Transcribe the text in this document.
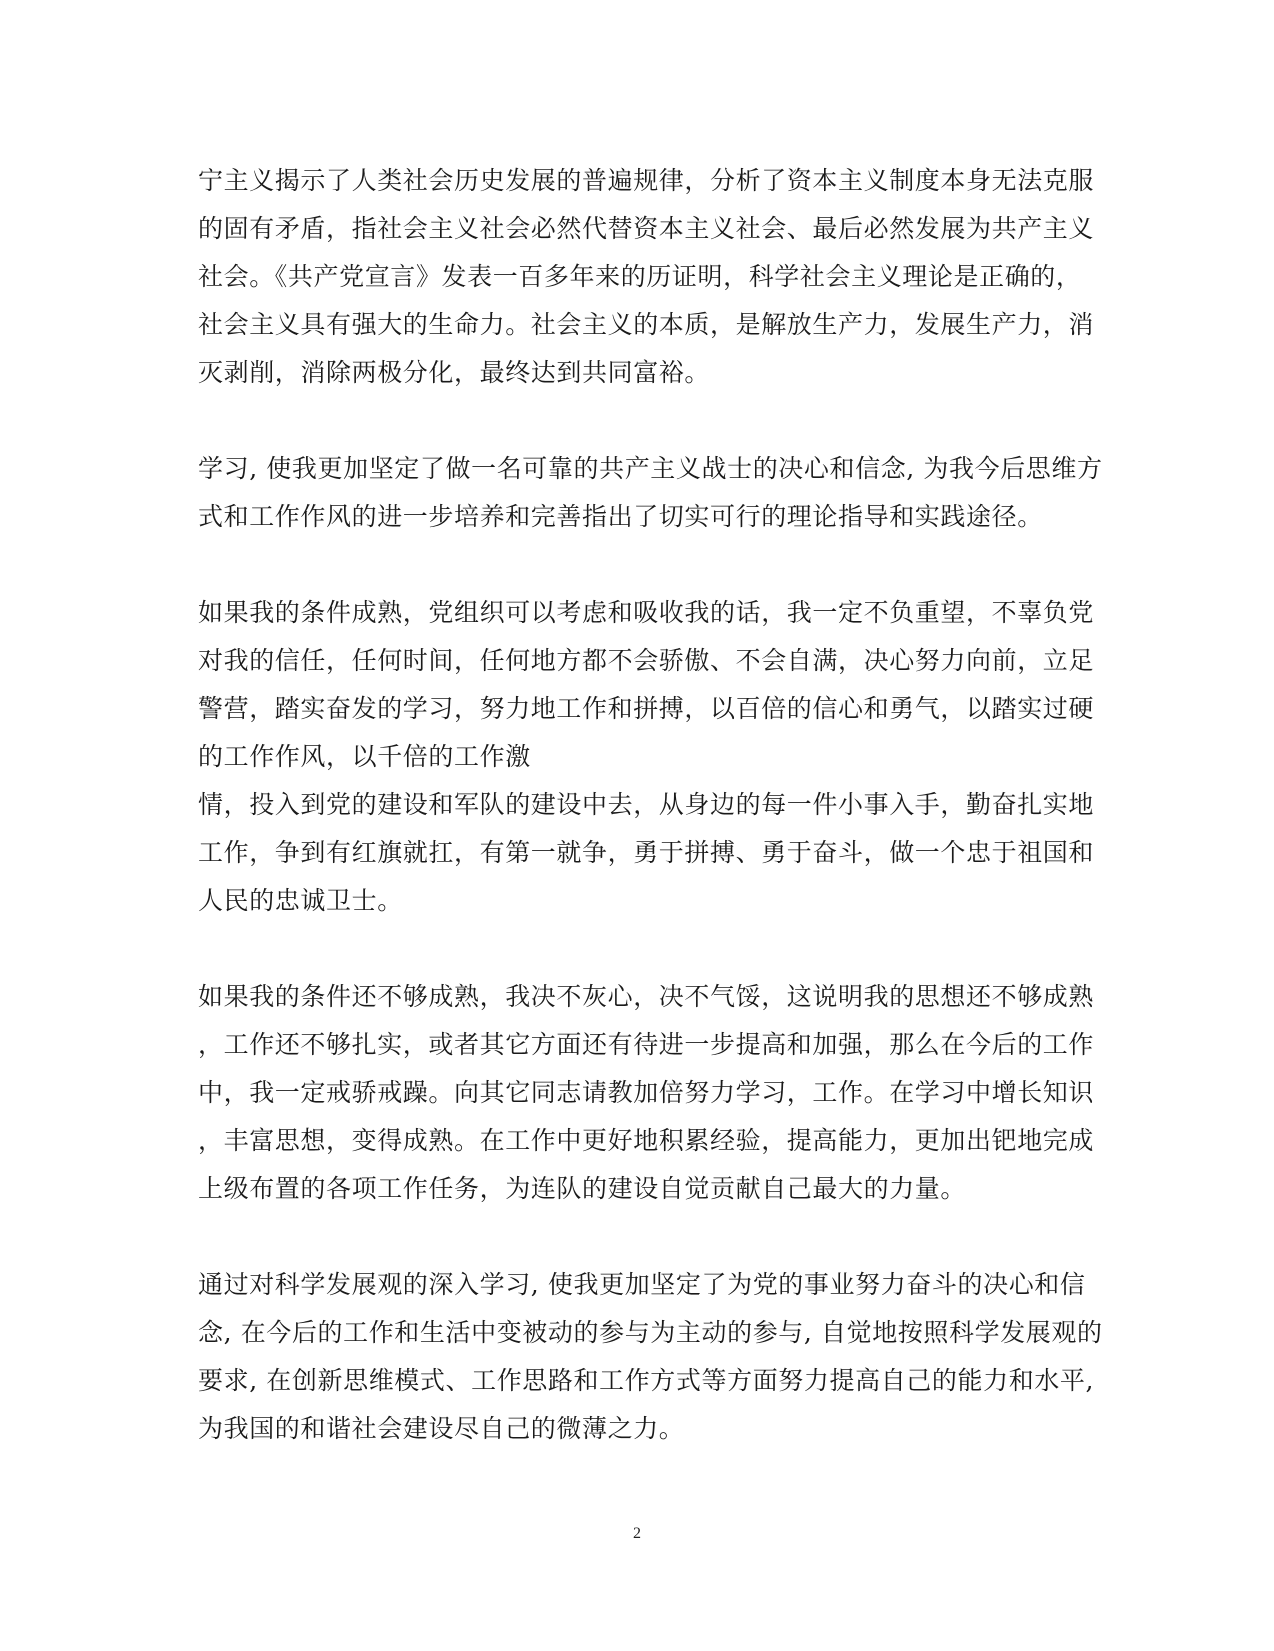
宁主义揭示了人类社会历史发展的普遍规律，分析了资本主义制度本身无法克服
的固有矛盾，指社会主义社会必然代替资本主义社会、最后必然发展为共产主义
社会。《共产党宣言》发表一百多年来的历证明，科学社会主义理论是正确的，
社会主义具有强大的生命力。社会主义的本质，是解放生产力，发展生产力，消
灭剥削，消除两极分化，最终达到共同富裕。
学习, 使我更加坚定了做一名可靠的共产主义战士的决心和信念, 为我今后思维方
式和工作作风的进一步培养和完善指出了切实可行的理论指导和实践途径。
如果我的条件成熟，党组织可以考虑和吸收我的话，我一定不负重望，不辜负党
对我的信任，任何时间，任何地方都不会骄傲、不会自满，决心努力向前，立足
警营，踏实奋发的学习，努力地工作和拼搏，以百倍的信心和勇气，以踏实过硬
的工作作风，以千倍的工作激
情，投入到党的建设和军队的建设中去，从身边的每一件小事入手，勤奋扎实地
工作，争到有红旗就扛，有第一就争，勇于拼搏、勇于奋斗，做一个忠于祖国和
人民的忠诚卫士。
如果我的条件还不够成熟，我决不灰心，决不气馁，这说明我的思想还不够成熟
，工作还不够扎实，或者其它方面还有待进一步提高和加强，那么在今后的工作
中，我一定戒骄戒躁。向其它同志请教加倍努力学习，工作。在学习中增长知识
，丰富思想，变得成熟。在工作中更好地积累经验，提高能力，更加出钯地完成
上级布置的各项工作任务，为连队的建设自觉贡献自己最大的力量。
通过对科学发展观的深入学习, 使我更加坚定了为党的事业努力奋斗的决心和信
念, 在今后的工作和生活中变被动的参与为主动的参与, 自觉地按照科学发展观的
要求, 在创新思维模式、工作思路和工作方式等方面努力提高自己的能力和水平,
为我国的和谐社会建设尽自己的微薄之力。
2
